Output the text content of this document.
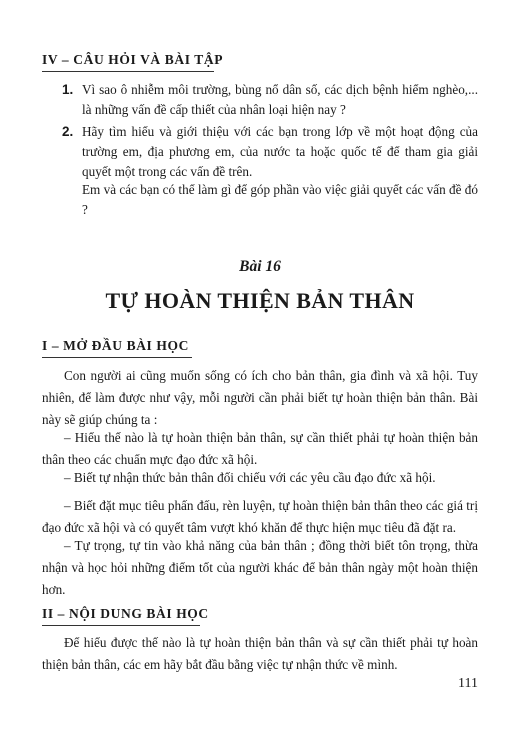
IV – CÂU HỎI VÀ BÀI TẬP
1. Vì sao ô nhiễm môi trường, bùng nổ dân số, các dịch bệnh hiểm nghèo,... là những vấn đề cấp thiết của nhân loại hiện nay ?
2. Hãy tìm hiểu và giới thiệu với các bạn trong lớp về một hoạt động của trường em, địa phương em, của nước ta hoặc quốc tế để tham gia giải quyết một trong các vấn đề trên.
Em và các bạn có thể làm gì để góp phần vào việc giải quyết các vấn đề đó ?
Bài 16
TỰ HOÀN THIỆN BẢN THÂN
I – MỞ ĐẦU BÀI HỌC
Con người ai cũng muốn sống có ích cho bản thân, gia đình và xã hội. Tuy nhiên, để làm được như vậy, mỗi người cần phải biết tự hoàn thiện bản thân. Bài này sẽ giúp chúng ta :
– Hiểu thế nào là tự hoàn thiện bản thân, sự cần thiết phải tự hoàn thiện bản thân theo các chuẩn mực đạo đức xã hội.
– Biết tự nhận thức bản thân đối chiếu với các yêu cầu đạo đức xã hội.
– Biết đặt mục tiêu phấn đấu, rèn luyện, tự hoàn thiện bản thân theo các giá trị đạo đức xã hội và có quyết tâm vượt khó khăn để thực hiện mục tiêu đã đặt ra.
– Tự trọng, tự tin vào khả năng của bản thân ; đồng thời biết tôn trọng, thừa nhận và học hỏi những điểm tốt của người khác để bản thân ngày một hoàn thiện hơn.
II – NỘI DUNG BÀI HỌC
Để hiểu được thế nào là tự hoàn thiện bản thân và sự cần thiết phải tự hoàn thiện bản thân, các em hãy bắt đầu bằng việc tự nhận thức về mình.
111
